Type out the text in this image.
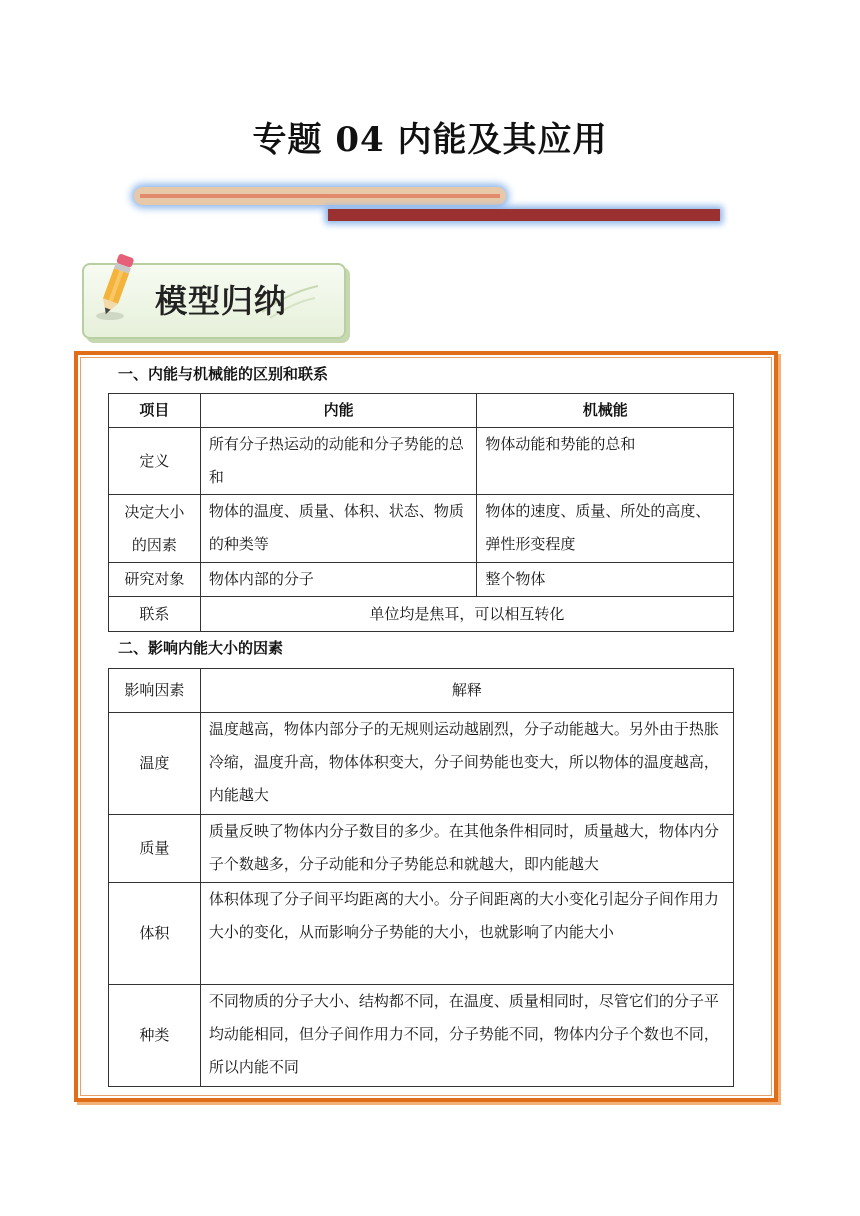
专题 04 内能及其应用
模型归纳
一、内能与机械能的区别和联系
项目	内能	机械能
定义	所有分子热运动的动能和分子势能的总和	物体动能和势能的总和
决定大小的因素	物体的温度、质量、体积、状态、物质的种类等	物体的速度、质量、所处的高度、弹性形变程度
研究对象	物体内部的分子	整个物体
联系	单位均是焦耳，可以相互转化	
二、影响内能大小的因素
影响因素	解释
温度	温度越高，物体内部分子的无规则运动越剧烈，分子动能越大。另外由于热胀冷缩，温度升高，物体体积变大，分子间势能也变大，所以物体的温度越高，内能越大
质量	质量反映了物体内分子数目的多少。在其他条件相同时，质量越大，物体内分子个数越多，分子动能和分子势能总和就越大，即内能越大
体积	体积体现了分子间平均距离的大小。分子间距离的大小变化引起分子间作用力大小的变化，从而影响分子势能的大小，也就影响了内能大小
种类	不同物质的分子大小、结构都不同，在温度、质量相同时，尽管它们的分子平均动能相同，但分子间作用力不同，分子势能不同，物体内分子个数也不同，所以内能不同
